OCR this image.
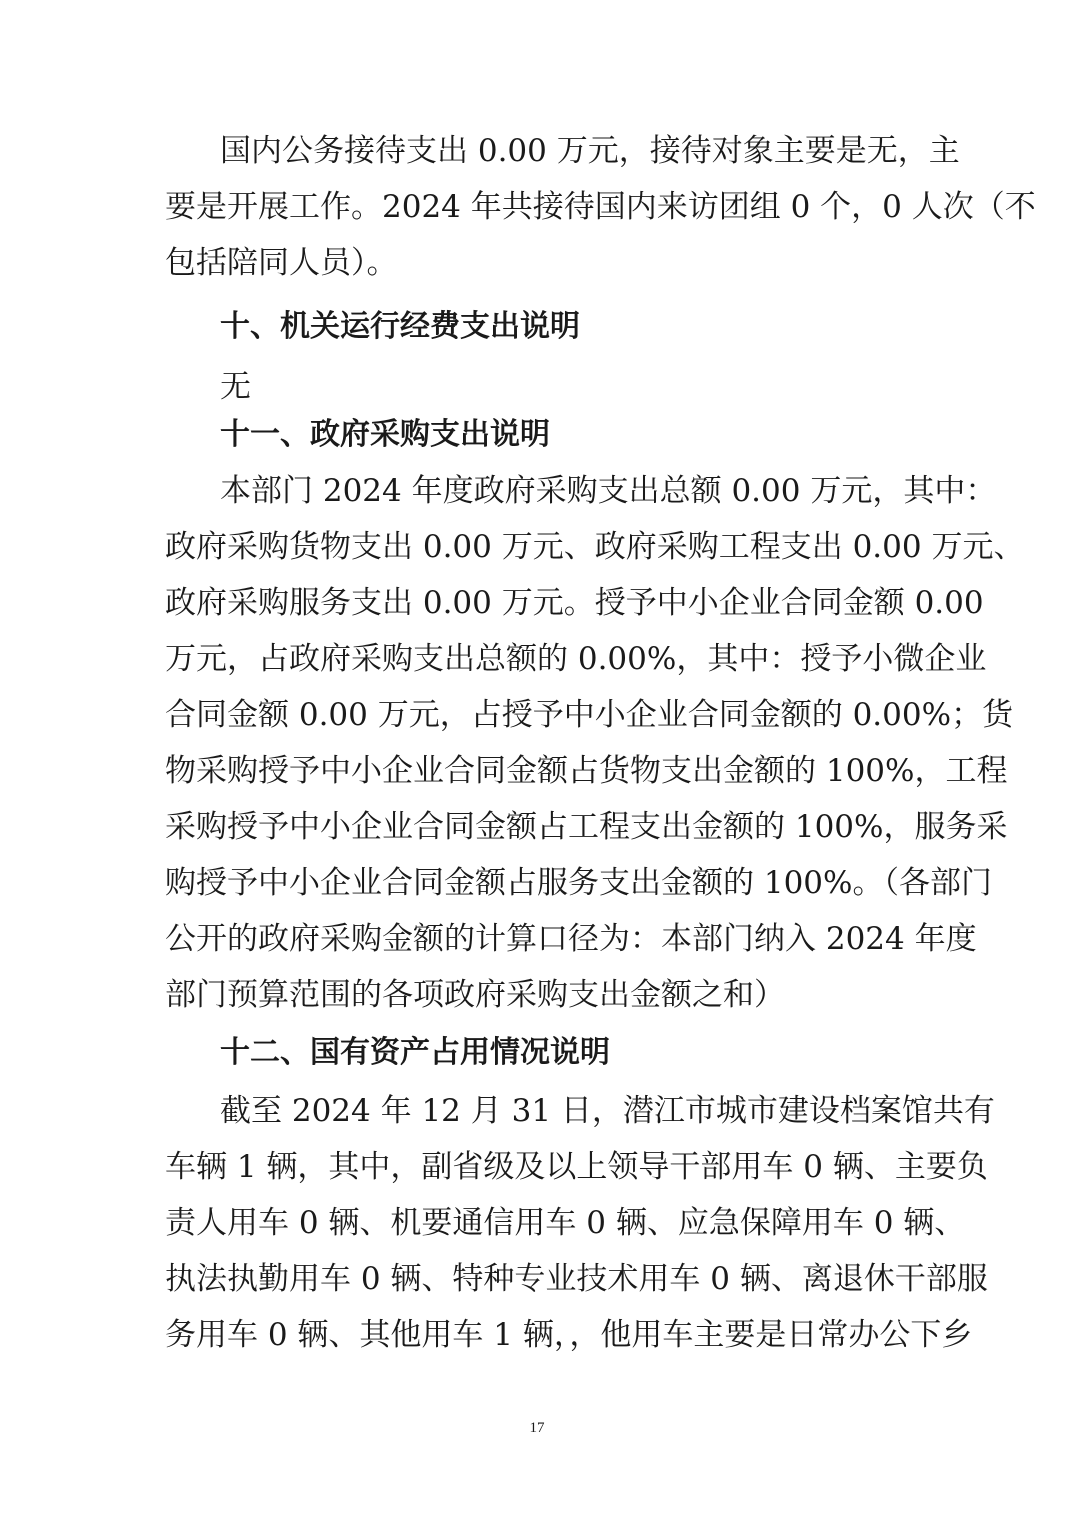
国内公务接待支出 0.00 万元，接待对象主要是无，主
要是开展工作。2024 年共接待国内来访团组 0 个，0 人次（不
包括陪同人员）。
十、机关运行经费支出说明
无
十一、政府采购支出说明
本部门 2024 年度政府采购支出总额 0.00 万元，其中：
政府采购货物支出 0.00 万元、政府采购工程支出 0.00 万元、
政府采购服务支出 0.00 万元。授予中小企业合同金额 0.00
万元，占政府采购支出总额的 0.00%，其中：授予小微企业
合同金额 0.00 万元，占授予中小企业合同金额的 0.00%；货
物采购授予中小企业合同金额占货物支出金额的 100%，工程
采购授予中小企业合同金额占工程支出金额的 100%，服务采
购授予中小企业合同金额占服务支出金额的 100%。（各部门
公开的政府采购金额的计算口径为：本部门纳入 2024 年度
部门预算范围的各项政府采购支出金额之和）
十二、国有资产占用情况说明
截至 2024 年 12 月 31 日，潜江市城市建设档案馆共有
车辆 1 辆，其中，副省级及以上领导干部用车 0 辆、主要负
责人用车 0 辆、机要通信用车 0 辆、应急保障用车 0 辆、
执法执勤用车 0 辆、特种专业技术用车 0 辆、离退休干部服
务用车 0 辆、其他用车 1 辆，，他用车主要是日常办公下乡
17
